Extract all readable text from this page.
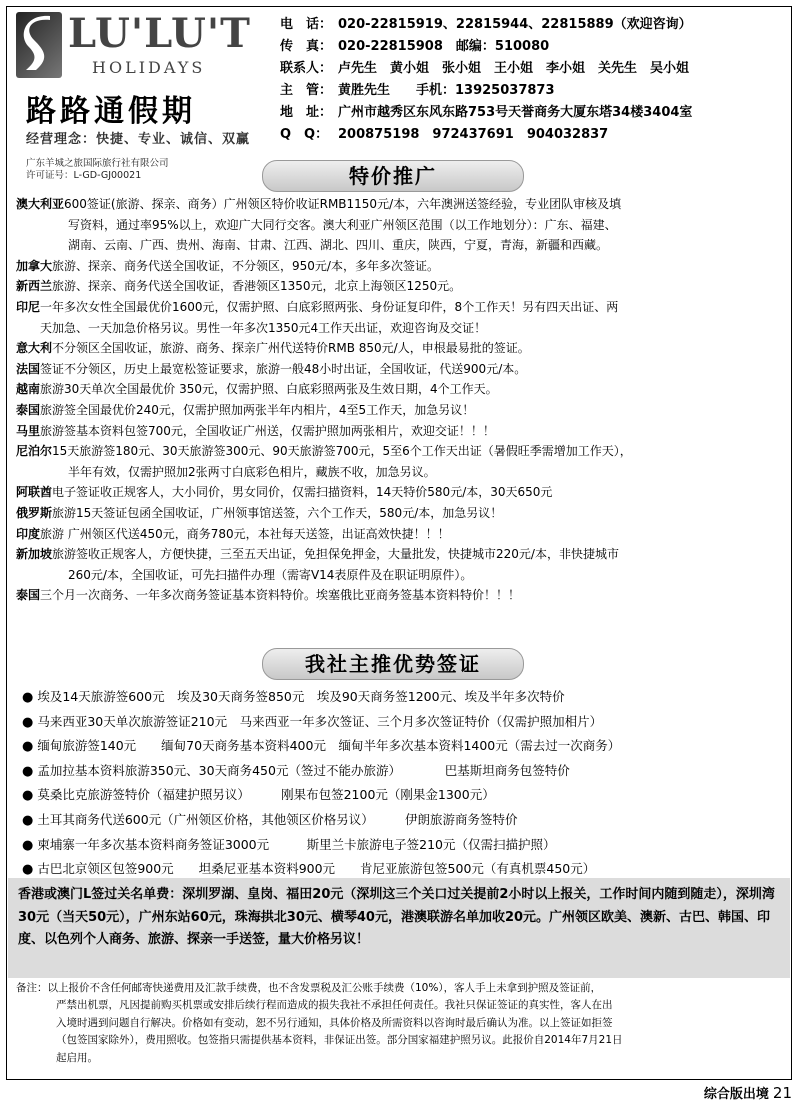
LU'LU'T
HOLIDAYS
路路通假期
经营理念：快捷、专业、诚信、双赢
广东羊城之旅国际旅行社有限公司
许可证号：L-GD-GJ00021
电　话： 020-22815919、22815944、22815889（欢迎咨询）
传　真： 020-22815908　邮编：510080
联系人： 卢先生　黄小姐　张小姐　王小姐　李小姐　关先生　吴小姐
主　管： 黄胜先生　　手机：13925037873
地　址： 广州市越秀区东风东路753号天誉商务大厦东塔34楼3404室
Q　Q： 200875198　972437691　904032837
特价推广

澳大利亚600签证(旅游、探亲、商务）广州领区特价收证RMB1150元/本，六年澳洲送签经验，专业团队审核及填

写资料，通过率95%以上，欢迎广大同行交客。澳大利亚广州领区范围（以工作地划分）：广东、福建、

湖南、云南、广西、贵州、海南、甘肃、江西、湖北、四川、重庆，陕西，宁夏，青海，新疆和西藏。

加拿大旅游、探亲、商务代送全国收证，不分领区，950元/本，多年多次签证。

新西兰旅游、探亲、商务代送全国收证，香港领区1350元，北京上海领区1250元。

印尼一年多次女性全国最优价1600元，仅需护照、白底彩照两张、身份证复印件，8个工作天！另有四天出证、两

天加急、一天加急价格另议。男性一年多次1350元4工作天出证，欢迎咨询及交证！

意大利不分领区全国收证，旅游、商务、探亲广州代送特价RMB 850元/人，申根最易批的签证。

法国签证不分领区，历史上最宽松签证要求，旅游一般48小时出证，全国收证，代送900元/本。

越南旅游30天单次全国最优价 350元，仅需护照、白底彩照两张及生效日期，4个工作天。

泰国旅游签全国最优价240元，仅需护照加两张半年内相片，4至5工作天，加急另议！

马里旅游签基本资料包签700元，全国收证广州送，仅需护照加两张相片，欢迎交证！！！

尼泊尔15天旅游签180元、30天旅游签300元、90天旅游签700元，5至6个工作天出证（暑假旺季需增加工作天），

半年有效，仅需护照加2张两寸白底彩色相片，藏族不收，加急另议。

阿联酋电子签证收正规客人，大小同价，男女同价，仅需扫描资料，14天特价580元/本，30天650元

俄罗斯旅游15天签证包函全国收证，广州领事馆送签，六个工作天，580元/本，加急另议！

印度旅游 广州领区代送450元，商务780元，本社每天送签，出证高效快捷！！！

新加坡旅游签收正规客人，方便快捷，三至五天出证，免担保免押金，大量批发，快捷城市220元/本，非快捷城市

260元/本，全国收证，可先扫描件办理（需寄V14表原件及在职证明原件）。

泰国三个月一次商务、一年多次商务签证基本资料特价。埃塞俄比亚商务签基本资料特价！！！

我社主推优势签证

● 埃及14天旅游签600元　埃及30天商务签850元　埃及90天商务签1200元、埃及半年多次特价

● 马来西亚30天单次旅游签证210元　马来西亚一年多次签证、三个月多次签证特价（仅需护照加相片）

● 缅甸旅游签140元　　缅甸70天商务基本资料400元　缅甸半年多次基本资料1400元（需去过一次商务）

● 孟加拉基本资料旅游350元、30天商务450元（签过不能办旅游）　　　　巴基斯坦商务包签特价

● 莫桑比克旅游签特价（福建护照另议）　　　刚果布包签2100元（刚果金1300元）

● 土耳其商务代送600元（广州领区价格，其他领区价格另议）　　　伊朗旅游商务签特价

● 柬埔寨一年多次基本资料商务签证3000元　　　斯里兰卡旅游电子签210元（仅需扫描护照）

● 古巴北京领区包签900元　　坦桑尼亚基本资料900元　　肯尼亚旅游包签500元（有真机票450元）

香港或澳门L签过关名单费：深圳罗湖、皇岗、福田20元（深圳这三个关口过关提前2小时以上报关，工作时间内随到随走），深圳湾30元（当天50元），广州东站60元，珠海拱北30元、横琴40元，港澳联游名单加收20元。广州领区欧美、澳新、古巴、韩国、印度、以色列个人商务、旅游、探亲一手送签，量大价格另议！

备注：以上报价不含任何邮寄快递费用及汇款手续费，也不含发票税及汇公账手续费（10%），客人手上未拿到护照及签证前，

严禁出机票，凡因提前购买机票或安排后续行程而造成的损失我社不承担任何责任。我社只保证签证的真实性，客人在出

入境时遇到问题自行解决。价格如有变动，恕不另行通知，具体价格及所需资料以咨询时最后确认为准。以上签证如拒签

（包签国家除外），费用照收。包签指只需提供基本资料，非保证出签。部分国家福建护照另议。此报价自2014年7月21日

起启用。

综合版出境 21
